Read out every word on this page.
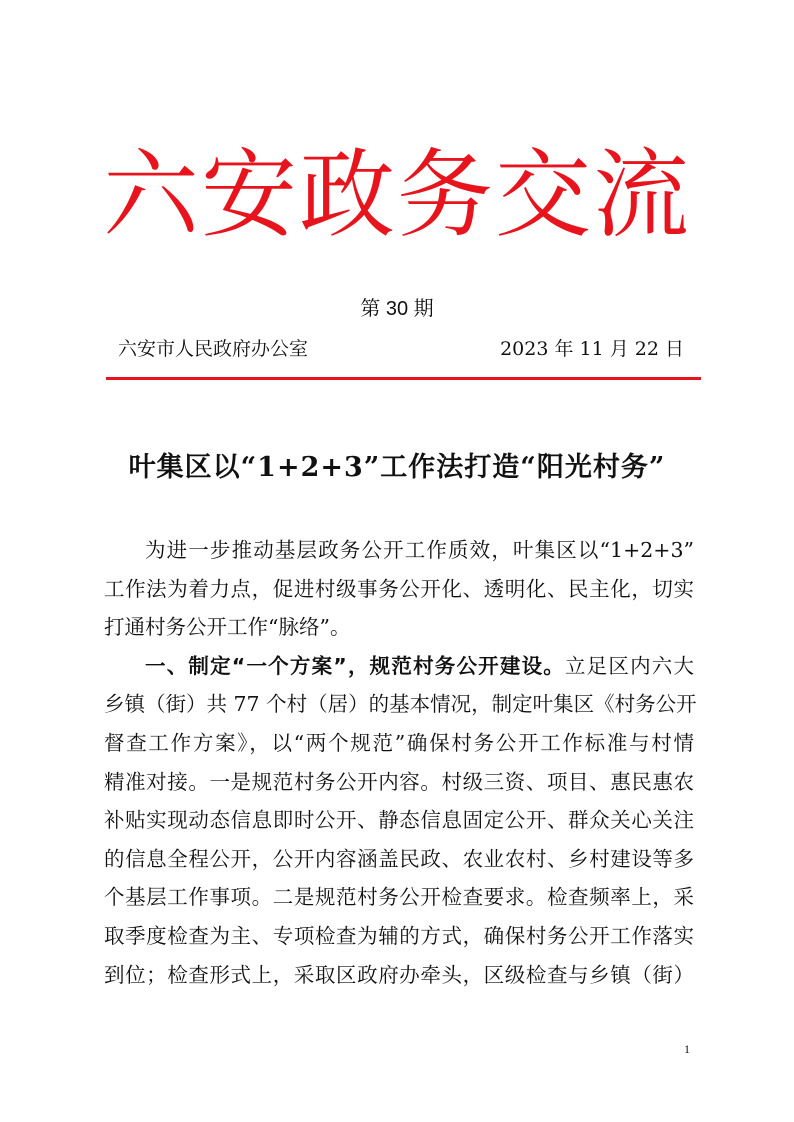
六安政务交流
第 30 期
六安市人民政府办公室	2023 年 11 月 22 日
叶集区以“1+2+3”工作法打造“阳光村务”
为进一步推动基层政务公开工作质效，叶集区以“1+2+3”
工作法为着力点，促进村级事务公开化、透明化、民主化，切实
打通村务公开工作“脉络”。
一、制定“一个方案”，规范村务公开建设。立足区内六大
乡镇（街）共 77 个村（居）的基本情况，制定叶集区《村务公开
督查工作方案》，以“两个规范”确保村务公开工作标准与村情
精准对接。一是规范村务公开内容。村级三资、项目、惠民惠农
补贴实现动态信息即时公开、静态信息固定公开、群众关心关注
的信息全程公开，公开内容涵盖民政、农业农村、乡村建设等多
个基层工作事项。二是规范村务公开检查要求。检查频率上，采
取季度检查为主、专项检查为辅的方式，确保村务公开工作落实
到位；检查形式上，采取区政府办牵头，区级检查与乡镇（街）
1
